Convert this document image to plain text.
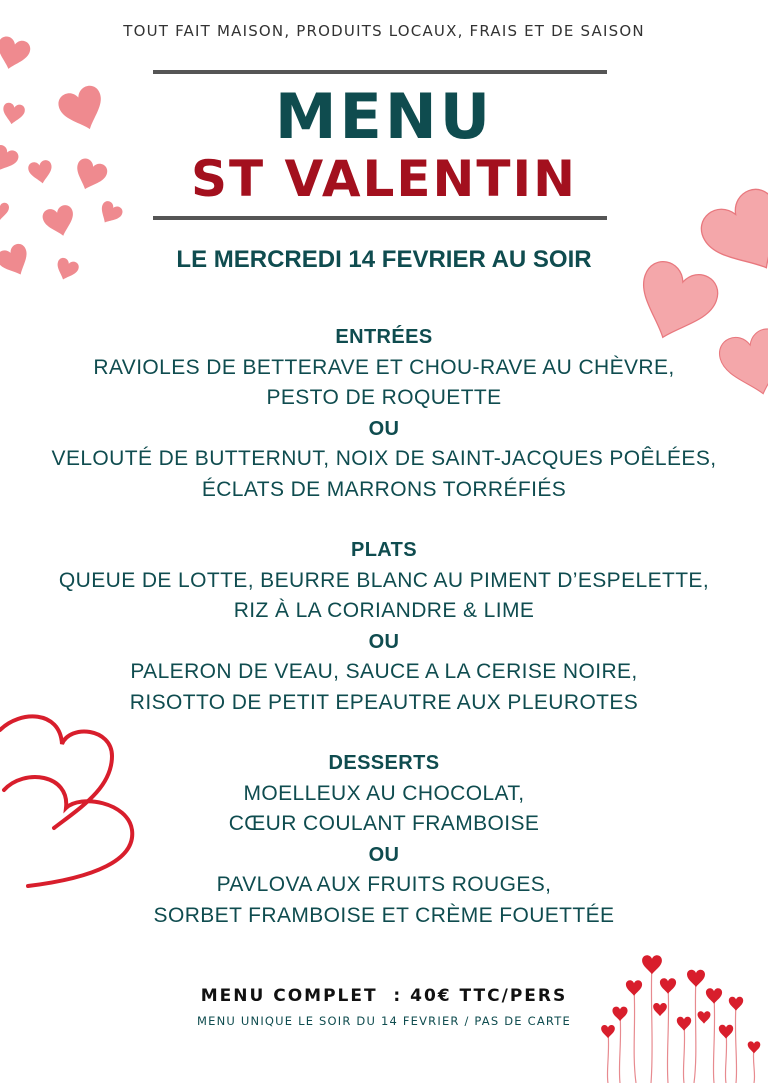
TOUT FAIT MAISON, PRODUITS LOCAUX, FRAIS ET DE SAISON
MENU
ST VALENTIN
LE MERCREDI 14 FEVRIER AU SOIR
ENTRÉES
RAVIOLES DE BETTERAVE ET CHOU-RAVE AU CHÈVRE,
PESTO DE ROQUETTE
OU
VELOUTÉ DE BUTTERNUT, NOIX DE SAINT-JACQUES POÊLÉES,
ÉCLATS DE MARRONS TORRÉFIÉS
PLATS
QUEUE DE LOTTE, BEURRE BLANC AU PIMENT D’ESPELETTE,
RIZ À LA CORIANDRE & LIME
OU
PALERON DE VEAU, SAUCE A LA CERISE NOIRE,
RISOTTO DE PETIT EPEAUTRE AUX PLEUROTES
DESSERTS
MOELLEUX AU CHOCOLAT,
CŒUR COULANT FRAMBOISE
OU
PAVLOVA AUX FRUITS ROUGES,
SORBET FRAMBOISE ET CRÈME FOUETTÉE
MENU COMPLET  : 40€ TTC/PERS
MENU UNIQUE LE SOIR DU 14 FEVRIER / PAS DE CARTE
